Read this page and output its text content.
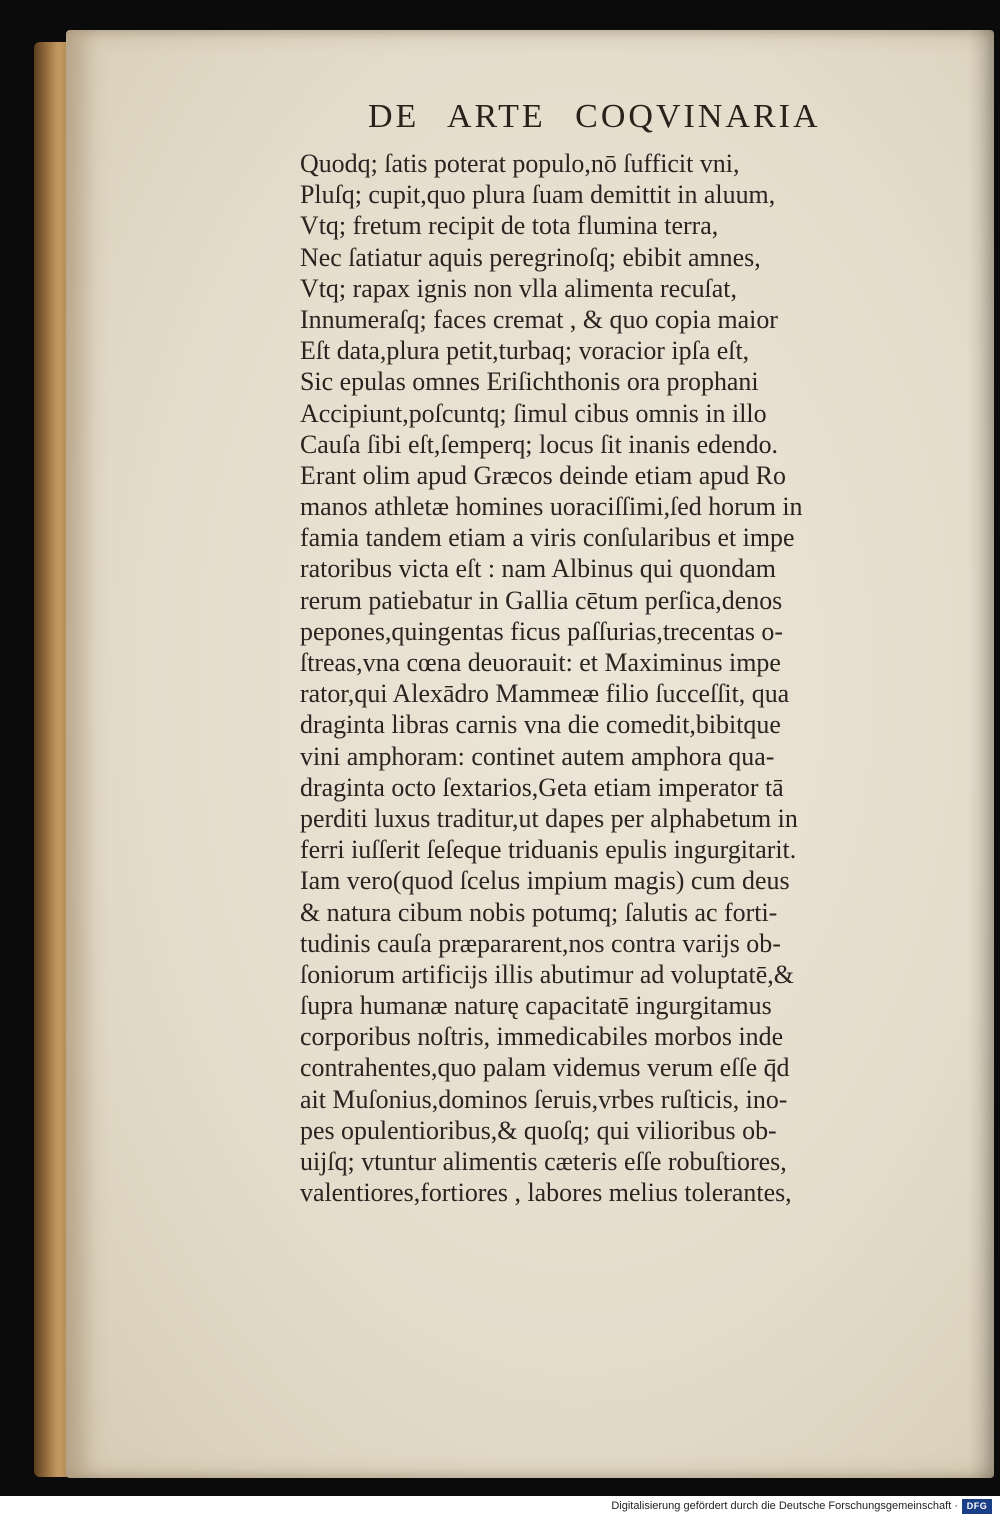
DE ARTE COQVINARIA
Quodq; ſatis poterat populo,nō ſufficit vni,
Pluſq; cupit,quo plura ſuam demittit in aluum,
Vtq; fretum recipit de tota flumina terra,
Nec ſatiatur aquis peregrinoſq; ebibit amnes,
Vtq; rapax ignis non vlla alimenta recuſat,
Innumeraſq; faces cremat , & quo copia maior
Eſt data,plura petit,turbaq; voracior ipſa eſt,
Sic epulas omnes Eriſichthonis ora prophani
Accipiunt,poſcuntq; ſimul cibus omnis in illo
Cauſa ſibi eſt,ſemperq; locus ſit inanis edendo.
Erant olim apud Græcos deinde etiam apud Ro
manos athletæ homines uoraciſſimi,ſed horum in
famia tandem etiam a viris conſularibus et impe
ratoribus victa eſt : nam Albinus qui quondam
rerum patiebatur in Gallia cētum perſica,denos
pepones,quingentas ficus paſſurias,trecentas o-
ſtreas,vna cœna deuorauit: et Maximinus impe
rator,qui Alexādro Mammeæ filio ſucceſſit, qua
draginta libras carnis vna die comedit,bibitque
vini amphoram: continet autem amphora qua-
draginta octo ſextarios,Geta etiam imperator tā
perditi luxus traditur,ut dapes per alphabetum in
ferri iuſſerit ſeſeque triduanis epulis ingurgitarit.
Iam vero(quod ſcelus impium magis) cum deus
& natura cibum nobis potumq; ſalutis ac forti-
tudinis cauſa præpararent,nos contra varijs ob-
ſoniorum artificijs illis abutimur ad voluptatē,&
ſupra humanæ naturę capacitatē ingurgitamus
corporibus noſtris, immedicabiles morbos inde
contrahentes,quo palam videmus verum eſſe q̄d
ait Muſonius,dominos ſeruis,vrbes ruſticis, ino-
pes opulentioribus,& quoſq; qui vilioribus ob-
uijſq; vtuntur alimentis cæteris eſſe robuſtiores,
valentiores,fortiores , labores melius tolerantes,
Digitalisierung gefördert durch die Deutsche Forschungsgemeinschaft · DFG
